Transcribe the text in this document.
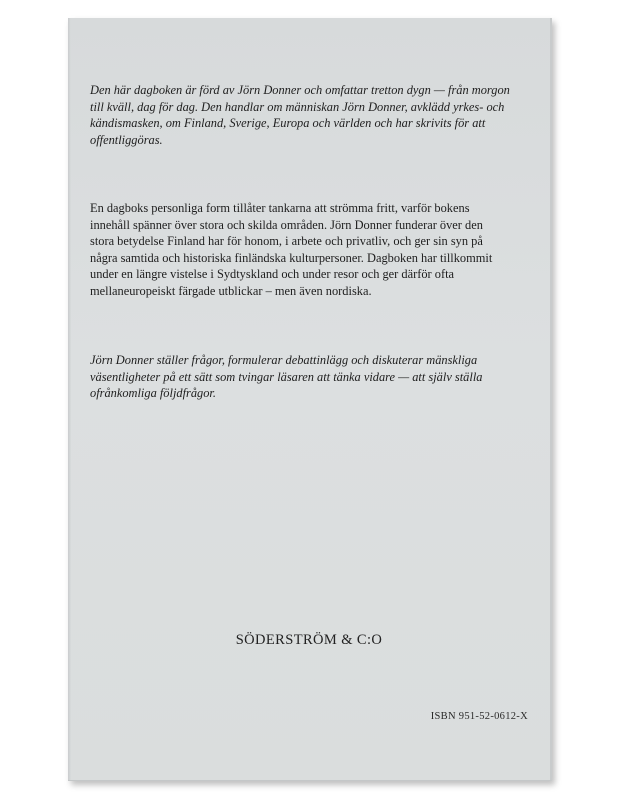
Den här dagboken är förd av Jörn Donner och omfattar tretton dygn — från morgon till kväll, dag för dag. Den handlar om människan Jörn Donner, avklädd yrkes- och kändismasken, om Finland, Sverige, Europa och världen och har skrivits för att offentliggöras.

En dagboks personliga form tillåter tankarna att strömma fritt, varför bokens innehåll spänner över stora och skilda områden. Jörn Donner funderar över den stora betydelse Finland har för honom, i arbete och privatliv, och ger sin syn på några samtida och historiska finländska kulturpersoner. Dagboken har tillkommit under en längre vistelse i Sydtyskland och under resor och ger därför ofta mellaneuropeiskt färgade utblickar – men även nordiska.

Jörn Donner ställer frågor, formulerar debattinlägg och diskuterar mänskliga väsentligheter på ett sätt som tvingar läsaren att tänka vidare — att själv ställa ofrånkomliga följdfrågor.

SÖDERSTRÖM & C:O
ISBN 951-52-0612-X
